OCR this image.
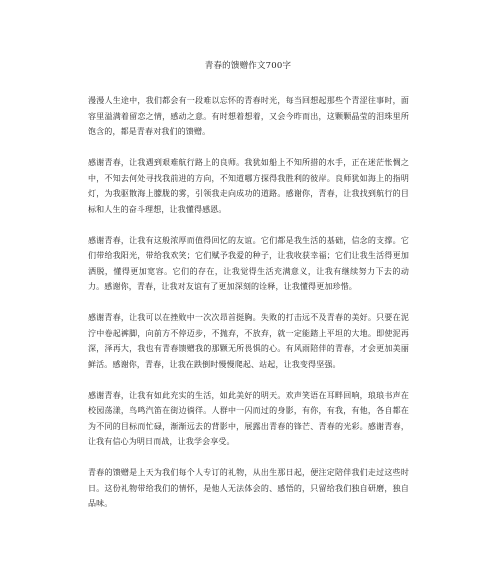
青春的馈赠作文700字

漫漫人生途中，我们都会有一段难以忘怀的青春时光，每当回想起那些个青涩往事时，面容里溢满着留恋之情，感动之意。有时想着想着，又会今昨而出，这颗颗晶莹的泪珠里所饱含的，都是青春对我们的馈赠。

感谢青春，让我遇到艰难航行路上的良师。我犹如船上不知所措的水手，正在迷茫怅惆之中，不知去何处寻找我前进的方向，不知道哪方探得我胜利的彼岸。良师犹如海上的指明灯，为我驱散海上朦胧的雾，引领我走向成功的道路。感谢你，青春，让我找到航行的目标和人生的奋斗理想，让我懂得感恩。

感谢青春，让我有这般浓厚而值得回忆的友谊。它们都是我生活的基础，信念的支撑。它们带给我阳光，带给我欢笑；它们赋予我爱的种子，让我收获幸福；它们让我生活得更加洒脱，懂得更加宽容。它们的存在，让我觉得生活充满意义，让我有继续努力下去的动力。感谢你，青春，让我对友谊有了更加深刻的诠释，让我懂得更加珍惜。

感谢青春，让我可以在挫败中一次次昂首挺胸。失败的打击远不及青春的美好。只要在泥泞中卷起裤脚，向前方不停迈步，不抛弃，不放弃，就一定能踏上平坦的大地。即使泥再深，泽再大，我也有青春馈赠我的那颗无所畏惧的心。有风雨陪伴的青春，才会更加美丽鲜活。感谢你，青春，让我在跌倒时慢慢爬起、站起，让我变得坚强。

感谢青春，让我有如此充实的生活，如此美好的明天。欢声笑语在耳畔回响，琅琅书声在校园荡漾，鸟鸣汽笛在街边徜徉。人群中一闪而过的身影，有你，有我，有他，各自都在为不同的目标而忙碌，渐渐远去的背影中，展露出青春的锋芒、青春的光彩。感谢青春，让我有信心为明日而战，让我学会享受。

青春的馈赠是上天为我们每个人专订的礼物，从出生那日起，便注定陪伴我们走过这些时日。这份礼物带给我们的情怀，是他人无法体会的、感悟的，只留给我们独自研磨，独自品味。
